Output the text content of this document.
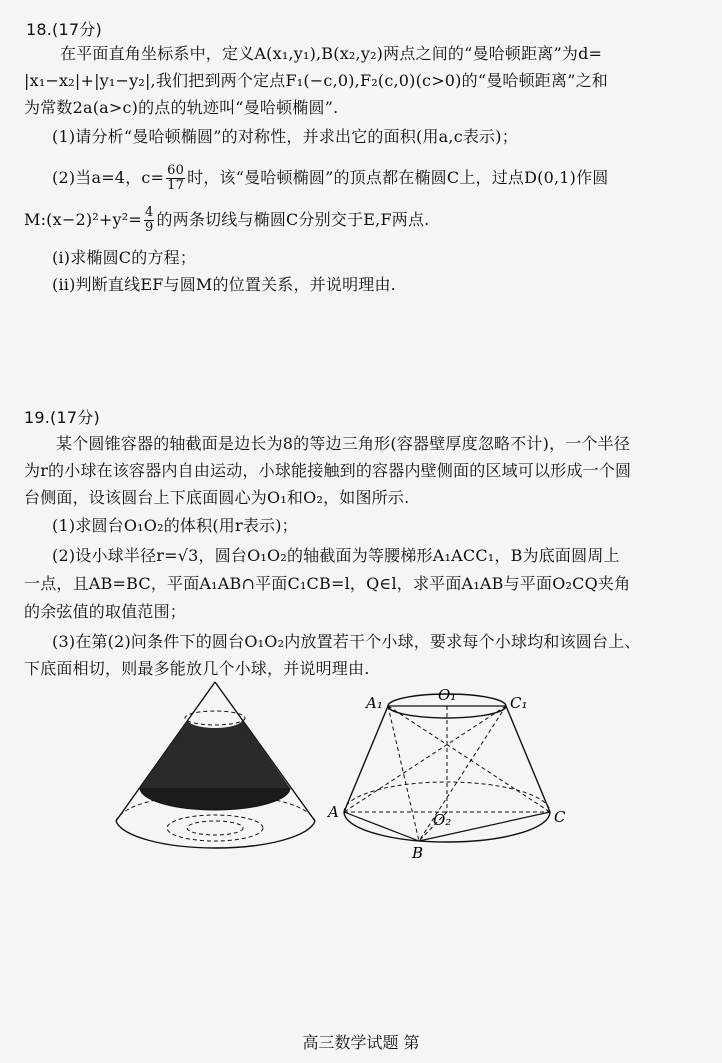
18.(17分)
在平面直角坐标系中，定义A(x₁,y₁),B(x₂,y₂)两点之间的“曼哈顿距离”为d=
|x₁−x₂|+|y₁−y₂|,我们把到两个定点F₁(−c,0),F₂(c,0)(c>0)的“曼哈顿距离”之和
为常数2a(a>c)的点的轨迹叫“曼哈顿椭圆”.
(1)请分析“曼哈顿椭圆”的对称性，并求出它的面积(用a,c表示)；
(2)当a=4，$c= \frac{60}{17}$ 时，该“曼哈顿椭圆”的顶点都在椭圆C上，过点D(0,1)作圆
M:(x−2)²+y²= $\frac{4}{9}$ 的两条切线与椭圆C分别交于E,F两点.
(i)求椭圆C的方程；
(ii)判断直线EF与圆M的位置关系，并说明理由.
19.(17分)
某个圆锥容器的轴截面是边长为8的等边三角形(容器壁厚度忽略不计)，一个半径
为r的小球在该容器内自由运动，小球能接触到的容器内壁侧面的区域可以形成一个圆
台侧面，设该圆台上下底面圆心为O₁和O₂，如图所示.
(1)求圆台O₁O₂的体积(用r表示)；
(2)设小球半径r=√3，圆台O₁O₂的轴截面为等腰梯形A₁ACC₁，B为底面圆周上
一点，且AB=BC，平面A₁AB∩平面C₁CB=l，Q∈l，求平面A₁AB与平面O₂CQ夹角
的余弦值的取值范围；
(3)在第(2)问条件下的圆台O₁O₂内放置若干个小球，要求每个小球均和该圆台上、
下底面相切，则最多能放几个小球，并说明理由.
A₁	O₁	C₁
A	O₂	C
B
高三数学试题 第
